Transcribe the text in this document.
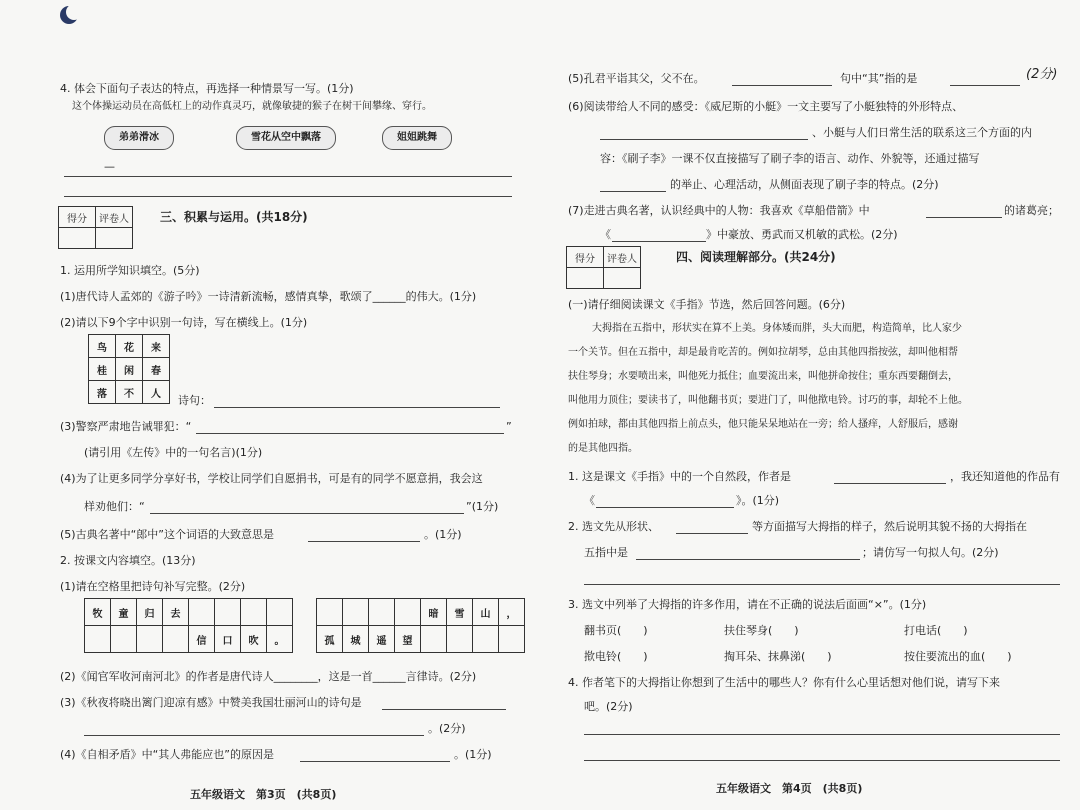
4. 体会下面句子表达的特点，再选择一种情景写一写。(1分)
这个体操运动员在高低杠上的动作真灵巧，就像敏捷的猴子在树干间攀缘、穿行。
弟弟滑冰	雪花从空中飘落	姐姐跳舞
—
得分	评卷人
		三、积累与运用。(共18分)
1. 运用所学知识填空。(5分)
(1)唐代诗人孟郊的《游子吟》一诗清新流畅，感情真挚，歌颂了______的伟大。(1分)
(2)请以下9个字中识别一句诗，写在横线上。(1分)
鸟	花	来
桂	闲	春
落	不	人 诗句：
(3)警察严肃地告诫罪犯：“	”
(请引用《左传》中的一句名言)(1分)
(4)为了让更多同学分享好书，学校让同学们自愿捐书，可是有的同学不愿意捐，我会这
样劝他们：“	”(1分)
(5)古典名著中“郎中”这个词语的大致意思是	。(1分)
2. 按课文内容填空。(13分)
(1)请在空格里把诗句补写完整。(2分)
牧	童	归	去				
				信	口	吹	。
				暗	雪	山	，
孤	城	遥	望				
(2)《闻官军收河南河北》的作者是唐代诗人________，这是一首______言律诗。(2分)
(3)《秋夜将晓出篱门迎凉有感》中赞美我国壮丽河山的诗句是
。(2分)
(4)《自相矛盾》中“其人弗能应也”的原因是	。(1分)
五年级语文　第3页　(共8页)
(5)孔君平诣其父，父不在。	句中“其”指的是	(2分)
(6)阅读带给人不同的感受：《威尼斯的小艇》一文主要写了小艇独特的外形特点、
、小艇与人们日常生活的联系这三个方面的内
容：《刷子李》一课不仅直接描写了刷子李的语言、动作、外貌等，还通过描写
的举止、心理活动，从侧面表现了刷子李的特点。(2分)
(7)走进古典名著，认识经典中的人物：我喜欢《草船借箭》中	的诸葛亮；
《	》中豪放、勇武而又机敏的武松。(2分)
得分	评卷人
		四、阅读理解部分。(共24分)
(一)请仔细阅读课文《手指》节选，然后回答问题。(6分)
大拇指在五指中，形状实在算不上美。身体矮而胖，头大而肥，构造简单，比人家少
一个关节。但在五指中，却是最肯吃苦的。例如拉胡琴，总由其他四指按弦，却叫他相帮
扶住琴身；水要喷出来，叫他死力抵住；血要流出来，叫他拼命按住；重东西要翻倒去，
叫他用力顶住；要读书了，叫他翻书页；要进门了，叫他揿电铃。讨巧的事，却轮不上他。
例如拍球，都由其他四指上前点头，他只能呆呆地站在一旁；给人搔痒，人舒服后，感谢
的是其他四指。
1. 这是课文《手指》中的一个自然段，作者是	，我还知道他的作品有
《	》。(1分)
2. 选文先从形状、	等方面描写大拇指的样子，然后说明其貌不扬的大拇指在
五指中是	；请仿写一句拟人句。(2分)
3. 选文中列举了大拇指的许多作用，请在不正确的说法后面画“×”。(1分)
翻书页(　　)	扶住琴身(　　)	打电话(　　)
揿电铃(　　)	掏耳朵、抹鼻涕(　　)	按住要流出的血(　　)
4. 作者笔下的大拇指让你想到了生活中的哪些人？你有什么心里话想对他们说，请写下来
吧。(2分)
五年级语文　第4页　(共8页)
